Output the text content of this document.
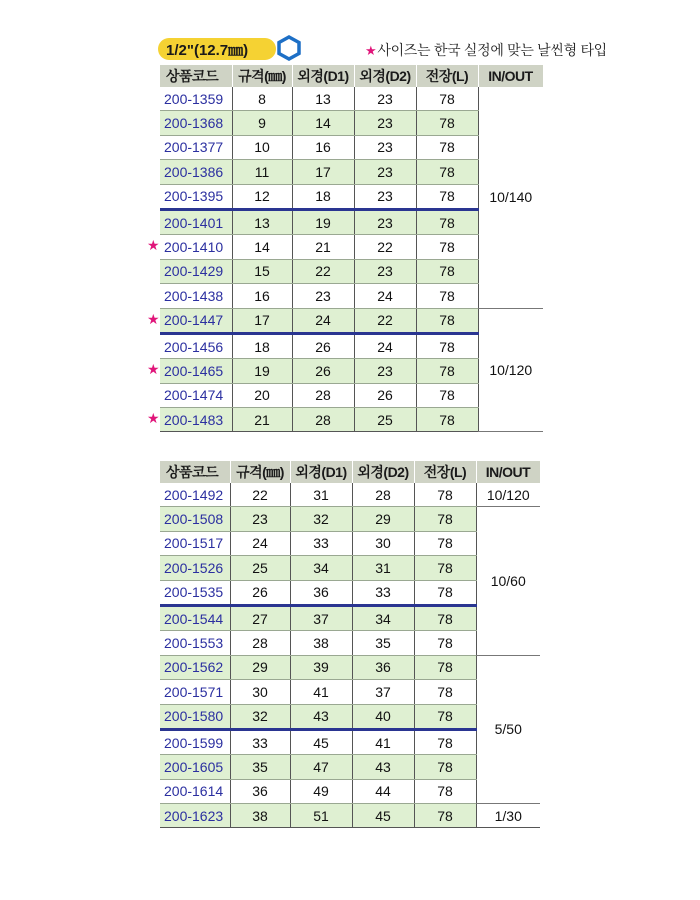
1/2"(12.7㎜)	★사이즈는 한국 실정에 맞는 날씬형 타입
상품코드	규격(㎜)	외경(D1)	외경(D2)	전장(L)	IN/OUT
200-1359	8	13	23	78	10/140
200-1368	9	14	23	78	
200-1377	10	16	23	78	
200-1386	11	17	23	78	
200-1395	12	18	23	78	
200-1401	13	19	23	78	

★ 200-1410	14	21	22	78	
200-1429	15	22	23	78	
200-1438	16	23	24	78	

★ 200-1447	17	24	22	78	10/120
200-1456	18	26	24	78	

★ 200-1465	19	26	23	78	
200-1474	20	28	26	78	

★ 200-1483	21	28	25	78	
상품코드	규격(㎜)	외경(D1)	외경(D2)	전장(L)	IN/OUT
200-1492	22	31	28	78	10/120
200-1508	23	32	29	78	10/60
200-1517	24	33	30	78	
200-1526	25	34	31	78	
200-1535	26	36	33	78	
200-1544	27	37	34	78	
200-1553	28	38	35	78	
200-1562	29	39	36	78	5/50
200-1571	30	41	37	78	
200-1580	32	43	40	78	
200-1599	33	45	41	78	
200-1605	35	47	43	78	
200-1614	36	49	44	78	
200-1623	38	51	45	78	1/30
